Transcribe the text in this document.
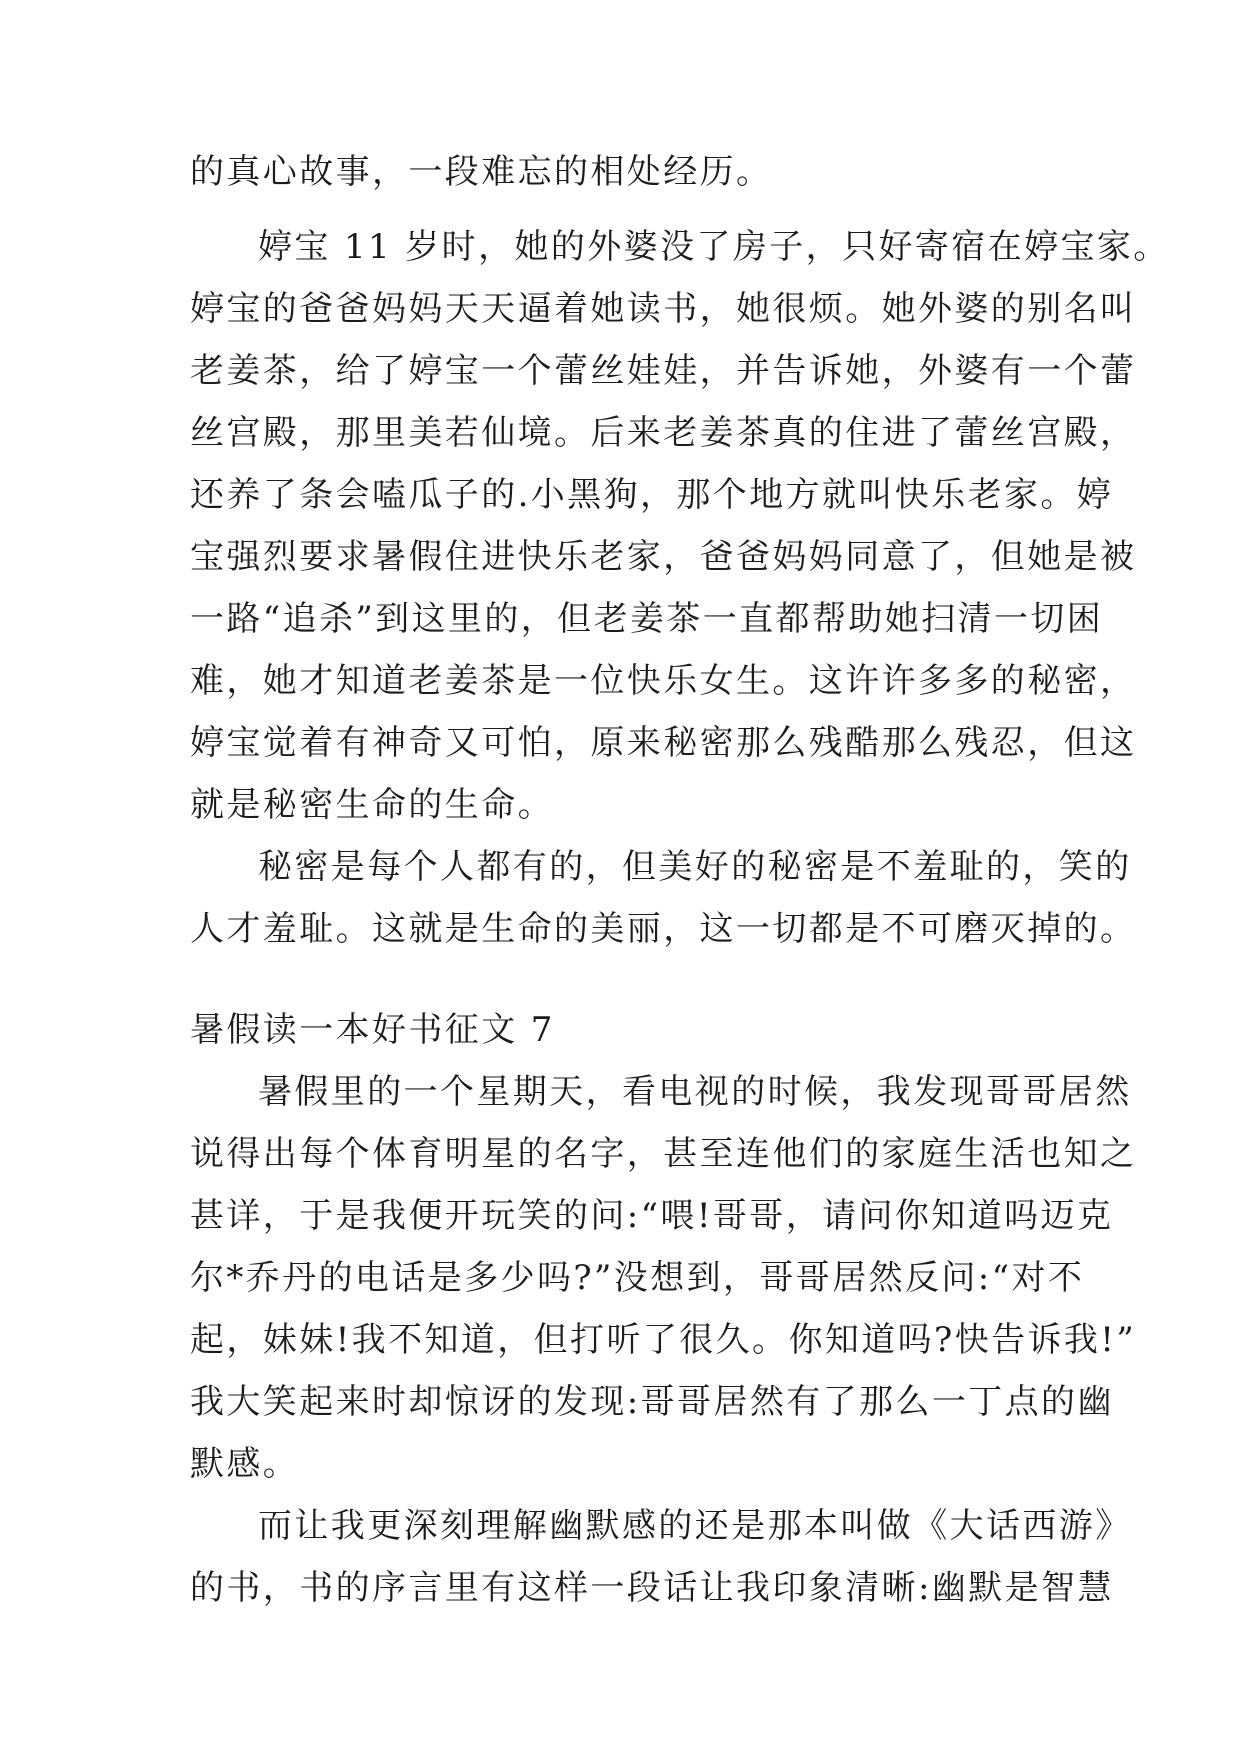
的真心故事，一段难忘的相处经历。
婷宝 11 岁时，她的外婆没了房子，只好寄宿在婷宝家。
婷宝的爸爸妈妈天天逼着她读书，她很烦。她外婆的别名叫
老姜茶，给了婷宝一个蕾丝娃娃，并告诉她，外婆有一个蕾
丝宫殿，那里美若仙境。后来老姜茶真的住进了蕾丝宫殿，
还养了条会嗑瓜子的.小黑狗，那个地方就叫快乐老家。婷
宝强烈要求暑假住进快乐老家，爸爸妈妈同意了，但她是被
一路“追杀”到这里的，但老姜茶一直都帮助她扫清一切困
难，她才知道老姜茶是一位快乐女生。这许许多多的秘密，
婷宝觉着有神奇又可怕，原来秘密那么残酷那么残忍，但这
就是秘密生命的生命。
秘密是每个人都有的，但美好的秘密是不羞耻的，笑的
人才羞耻。这就是生命的美丽，这一切都是不可磨灭掉的。
暑假读一本好书征文 7
暑假里的一个星期天，看电视的时候，我发现哥哥居然
说得出每个体育明星的名字，甚至连他们的家庭生活也知之
甚详，于是我便开玩笑的问:“喂!哥哥，请问你知道吗迈克
尔*乔丹的电话是多少吗?”没想到，哥哥居然反问:“对不
起，妹妹!我不知道，但打听了很久。你知道吗?快告诉我!”
我大笑起来时却惊讶的发现:哥哥居然有了那么一丁点的幽
默感。
而让我更深刻理解幽默感的还是那本叫做《大话西游》
的书，书的序言里有这样一段话让我印象清晰:幽默是智慧
